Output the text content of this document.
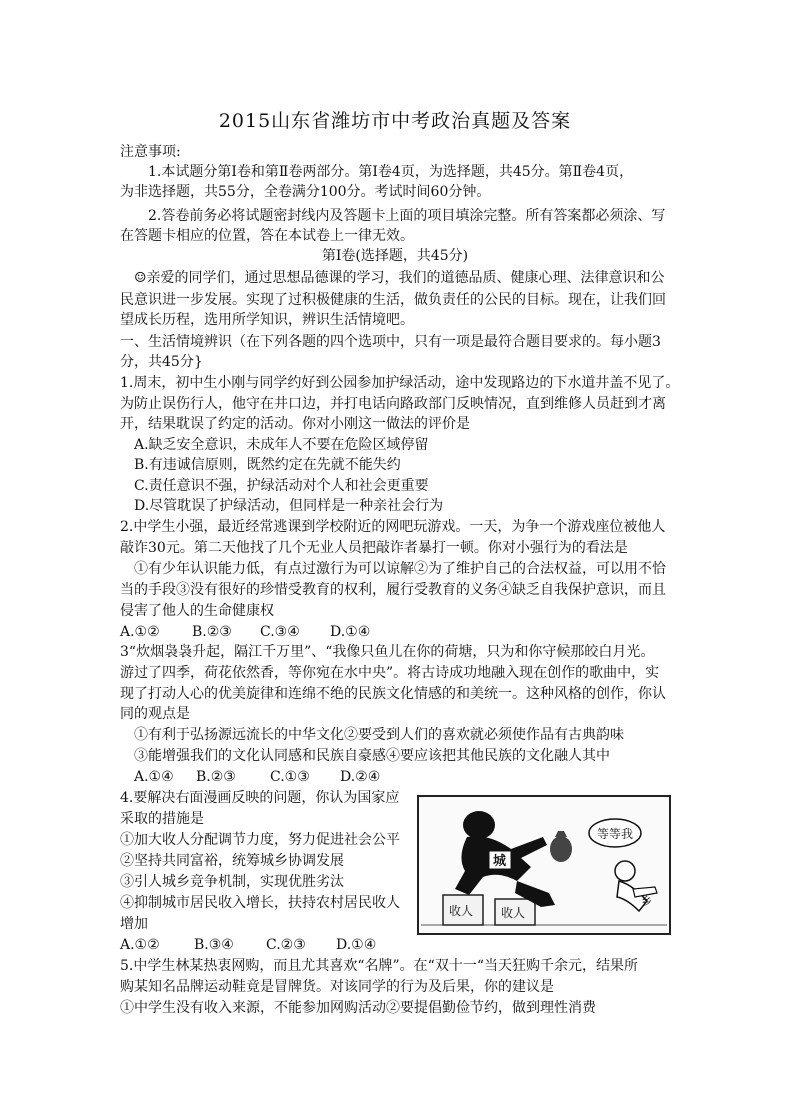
2015山东省潍坊市中考政治真题及答案
注意事项:
1.本试题分第Ⅰ卷和第Ⅱ卷两部分。第Ⅰ卷4页，为选择题，共45分。第Ⅱ卷4页，
为非选择题，共55分，全卷满分100分。考试时间60分钟。
2.答卷前务必将试题密封线内及答题卡上面的项目填涂完整。所有答案都必须涂、写
在答题卡相应的位置，答在本试卷上一律无效。
第Ⅰ卷(选择题，共45分)
☺亲爱的同学们，通过思想品德课的学习，我们的道德品质、健康心理、法律意识和公
民意识进一步发展。实现了过积极健康的生活，做负责任的公民的目标。现在，让我们回
望成长历程，选用所学知识，辨识生活情境吧。
一、生活情境辨识（在下列各题的四个选项中，只有一项是最符合题目要求的。每小题3
分，共45分}
1.周末，初中生小刚与同学约好到公园参加护绿活动，途中发现路边的下水道井盖不见了。
为防止误伤行人，他守在井口边，并打电话向路政部门反映情况，直到维修人员赶到才离
开，结果耽误了约定的活动。你对小刚这一做法的评价是
A.缺乏安全意识，未成年人不要在危险区域停留
B.有违诚信原则，既然约定在先就不能失约
C.责任意识不强，护绿活动对个人和社会更重要
D.尽管耽误了护绿活动，但同样是一种亲社会行为
2.中学生小强，最近经常逃课到学校附近的网吧玩游戏。一天，为争一个游戏座位被他人
敲诈30元。第二天他找了几个无业人员把敲诈者暴打一顿。你对小强行为的看法是
①有少年认识能力低，有点过激行为可以谅解②为了维护自己的合法权益，可以用不恰
当的手段③没有很好的珍惜受教育的权利，履行受教育的义务④缺乏自我保护意识，而且
侵害了他人的生命健康权
A.①② B.②③ C.③④ D.①④
3“炊烟袅袅升起，隔江千万里”、“我像只鱼儿在你的荷塘，只为和你守候那皎白月光。
游过了四季，荷花依然香，等你宛在水中央”。将古诗成功地融入现在创作的歌曲中，实
现了打动人心的优美旋律和连绵不绝的民族文化情感的和美统一。这种风格的创作，你认
同的观点是
①有利于弘扬源远流长的中华文化②要受到人们的喜欢就必须使作品有古典韵味
③能增强我们的文化认同感和民族自豪感④要应该把其他民族的文化融人其中
A.①④ B.②③ C.①③ D.②④
4.要解决右面漫画反映的问题，你认为国家应
采取的措施是
①加大收人分配调节力度，努力促进社会公平
②坚持共同富裕，统筹城乡协调发展
③引人城乡竞争机制，实现优胜劣汰
④抑制城市居民收入增长，扶持农村居民收人
增加
A.①② B.③④ C.②③ D.①④
收人 收人
城
等等我
乡
5.中学生林某热衷网购，而且尤其喜欢“名牌”。在“双十一“当天狂购千余元，结果所
购某知名品牌运动鞋竟是冒牌货。对该同学的行为及后果，你的建议是
①中学生没有收入来源，不能参加网购活动②要提倡勤俭节约，做到理性消费
